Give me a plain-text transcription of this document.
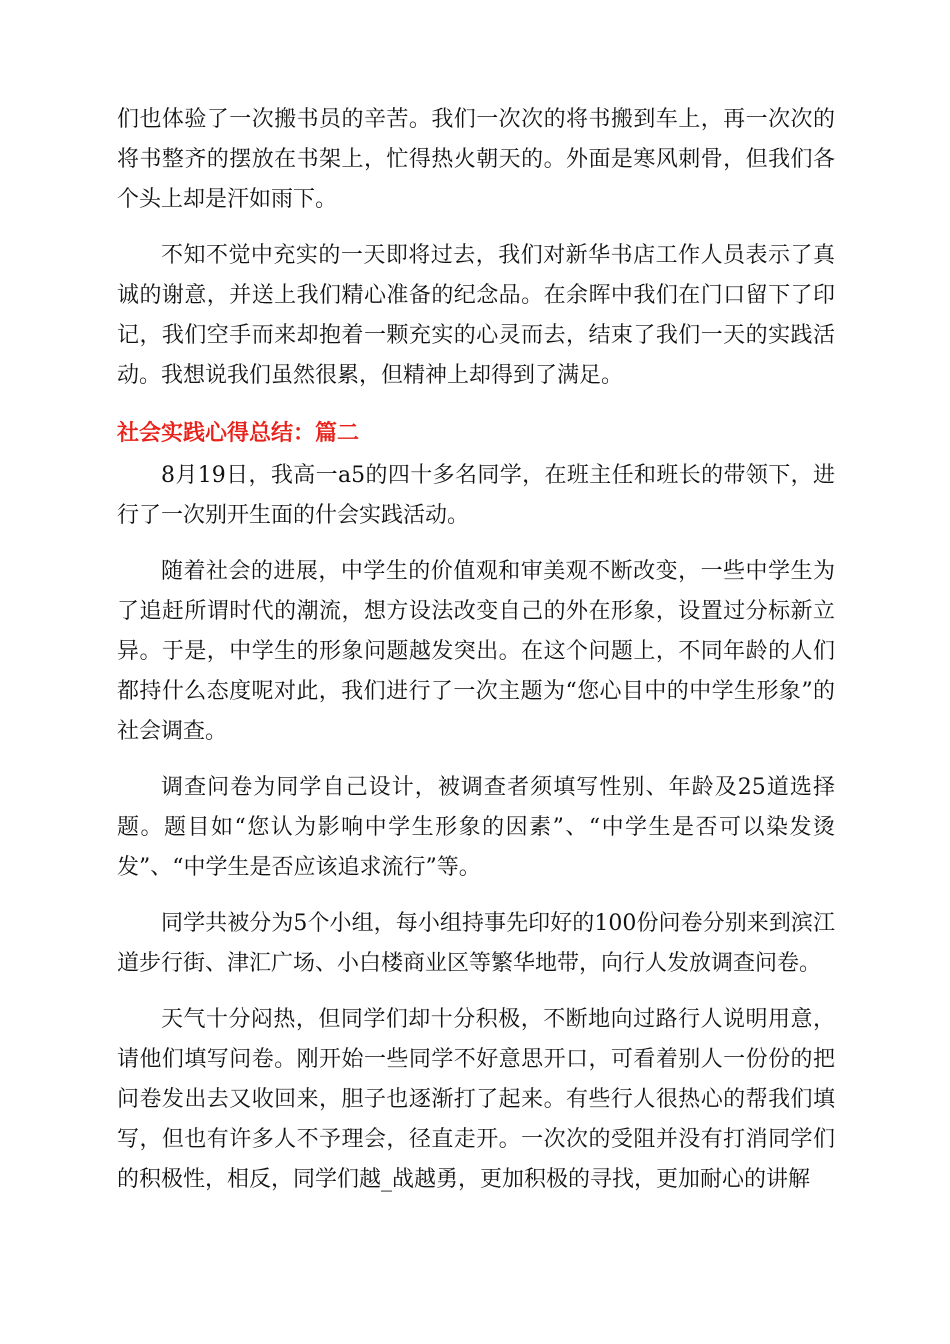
们也体验了一次搬书员的辛苦。我们一次次的将书搬到车上，再一次次的将书整齐的摆放在书架上，忙得热火朝天的。外面是寒风刺骨，但我们各个头上却是汗如雨下。

不知不觉中充实的一天即将过去，我们对新华书店工作人员表示了真诚的谢意，并送上我们精心准备的纪念品。在余晖中我们在门口留下了印记，我们空手而来却抱着一颗充实的心灵而去，结束了我们一天的实践活动。我想说我们虽然很累，但精神上却得到了满足。

社会实践心得总结：篇二

8月19日，我高一a5的四十多名同学，在班主任和班长的带领下，进行了一次别开生面的什会实践活动。

随着社会的进展，中学生的价值观和审美观不断改变，一些中学生为了追赶所谓时代的潮流，想方设法改变自己的外在形象，设置过分标新立异。于是，中学生的形象问题越发突出。在这个问题上，不同年龄的人们都持什么态度呢对此，我们进行了一次主题为“您心目中的中学生形象”的社会调查。

调查问卷为同学自己设计，被调查者须填写性别、年龄及25道选择题。题目如“您认为影响中学生形象的因素”、“中学生是否可以染发烫发”、“中学生是否应该追求流行”等。

同学共被分为5个小组，每小组持事先印好的100份问卷分别来到滨江道步行街、津汇广场、小白楼商业区等繁华地带，向行人发放调查问卷。

天气十分闷热，但同学们却十分积极，不断地向过路行人说明用意，请他们填写问卷。刚开始一些同学不好意思开口，可看着别人一份份的把问卷发出去又收回来，胆子也逐渐打了起来。有些行人很热心的帮我们填写，但也有许多人不予理会，径直走开。一次次的受阻并没有打消同学们的积极性，相反，同学们越_战越勇，更加积极的寻找，更加耐心的讲解
